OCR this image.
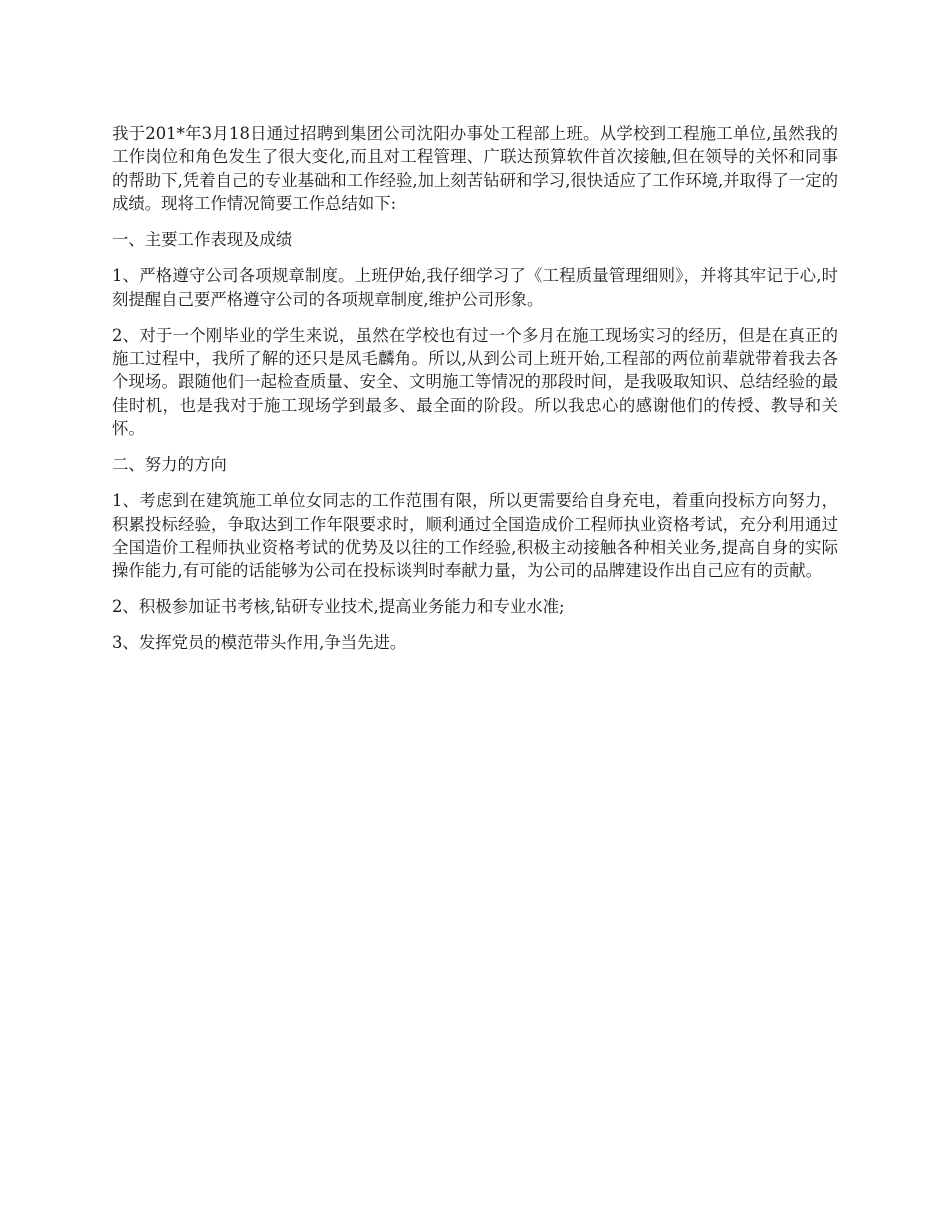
我于201*年3月18日通过招聘到集团公司沈阳办事处工程部上班。从学校到工程施工单位,虽然我的工作岗位和角色发生了很大变化,而且对工程管理、广联达预算软件首次接触,但在领导的关怀和同事的帮助下,凭着自己的专业基础和工作经验,加上刻苦钻研和学习,很快适应了工作环境,并取得了一定的成绩。现将工作情况简要工作总结如下:

一、主要工作表现及成绩

1、严格遵守公司各项规章制度。上班伊始,我仔细学习了《工程质量管理细则》，并将其牢记于心,时刻提醒自己要严格遵守公司的各项规章制度,维护公司形象。

2、对于一个刚毕业的学生来说，虽然在学校也有过一个多月在施工现场实习的经历，但是在真正的施工过程中，我所了解的还只是凤毛麟角。所以,从到公司上班开始,工程部的两位前辈就带着我去各个现场。跟随他们一起检查质量、安全、文明施工等情况的那段时间，是我吸取知识、总结经验的最佳时机，也是我对于施工现场学到最多、最全面的阶段。所以我忠心的感谢他们的传授、教导和关怀。

二、努力的方向

1、考虑到在建筑施工单位女同志的工作范围有限，所以更需要给自身充电，着重向投标方向努力，积累投标经验，争取达到工作年限要求时，顺利通过全国造成价工程师执业资格考试，充分利用通过全国造价工程师执业资格考试的优势及以往的工作经验,积极主动接触各种相关业务,提高自身的实际操作能力,有可能的话能够为公司在投标谈判时奉献力量，为公司的品牌建设作出自己应有的贡献。

2、积极参加证书考核,钻研专业技术,提高业务能力和专业水准;

3、发挥党员的模范带头作用,争当先进。
